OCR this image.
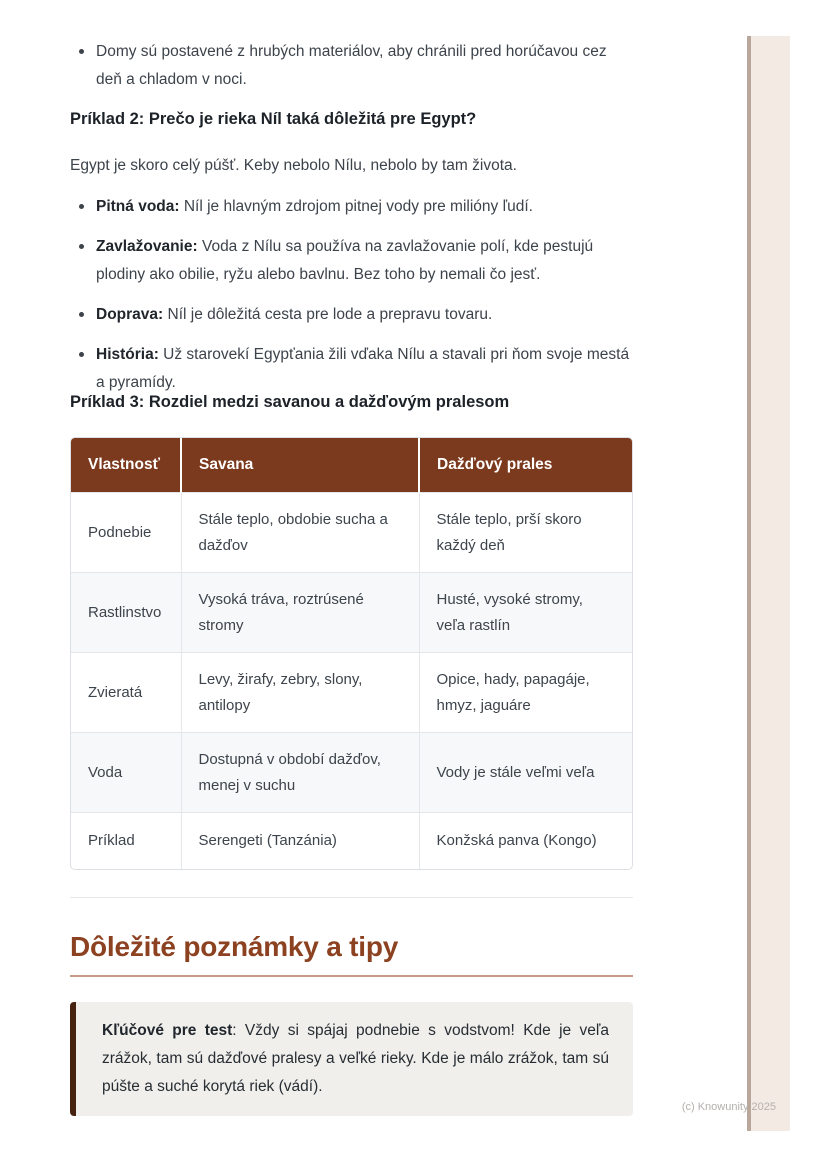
Domy sú postavené z hrubých materiálov, aby chránili pred horúčavou cez deň a chladom v noci.
Príklad 2: Prečo je rieka Níl taká dôležitá pre Egypt?

Egypt je skoro celý púšť. Keby nebolo Nílu, nebolo by tam života.

Pitná voda: Níl je hlavným zdrojom pitnej vody pre milióny ľudí.
Zavlažovanie: Voda z Nílu sa používa na zavlažovanie polí, kde pestujú plodiny ako obilie, ryžu alebo bavlnu. Bez toho by nemali čo jesť.
Doprava: Níl je dôležitá cesta pre lode a prepravu tovaru.
História: Už starovekí Egypťania žili vďaka Nílu a stavali pri ňom svoje mestá a pyramídy.
Príklad 3: Rozdiel medzi savanou a dažďovým pralesom
Vlastnosť	Savana	Dažďový prales
Podnebie	Stále teplo, obdobie sucha a dažďov	Stále teplo, prší skoro každý deň
Rastlinstvo	Vysoká tráva, roztrúsené stromy	Husté, vysoké stromy, veľa rastlín
Zvieratá	Levy, žirafy, zebry, slony, antilopy	Opice, hady, papagáje, hmyz, jaguáre
Voda	Dostupná v období dažďov, menej v suchu	Vody je stále veľmi veľa
Príklad	Serengeti (Tanzánia)	Konžská panva (Kongo)
Dôležité poznámky a tipy
Kľúčové pre test: Vždy si spájaj podnebie s vodstvom! Kde je veľa zrážok, tam sú dažďové pralesy a veľké rieky. Kde je málo zrážok, tam sú púšte a suché korytá riek (vádí).
(c) Knowunity 2025
